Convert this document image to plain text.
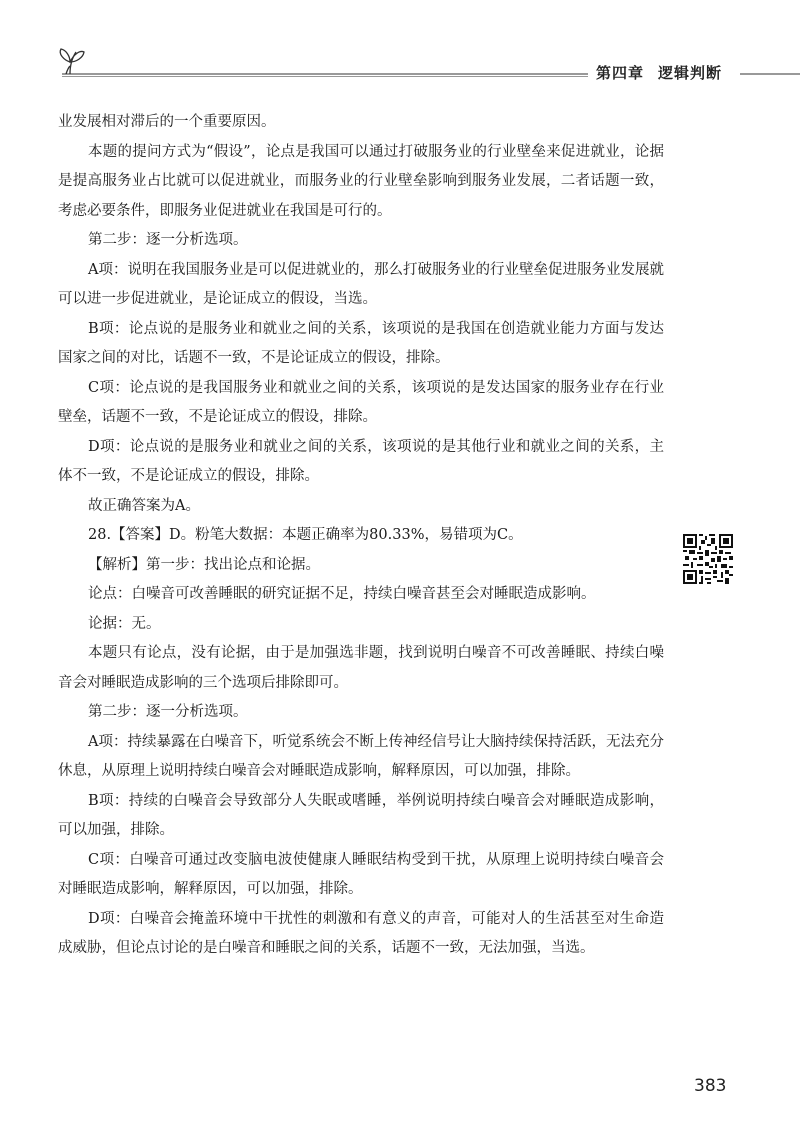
第四章 逻辑判断

业发展相对滞后的一个重要原因。

本题的提问方式为“假设”，论点是我国可以通过打破服务业的行业壁垒来促进就业，论据是提高服务业占比就可以促进就业，而服务业的行业壁垒影响到服务业发展，二者话题一致，考虑必要条件，即服务业促进就业在我国是可行的。

第二步：逐一分析选项。

A项：说明在我国服务业是可以促进就业的，那么打破服务业的行业壁垒促进服务业发展就可以进一步促进就业，是论证成立的假设，当选。

B项：论点说的是服务业和就业之间的关系，该项说的是我国在创造就业能力方面与发达国家之间的对比，话题不一致，不是论证成立的假设，排除。

C项：论点说的是我国服务业和就业之间的关系，该项说的是发达国家的服务业存在行业壁垒，话题不一致，不是论证成立的假设，排除。

D项：论点说的是服务业和就业之间的关系，该项说的是其他行业和就业之间的关系，主体不一致，不是论证成立的假设，排除。

故正确答案为A。

28.【答案】D。粉笔大数据：本题正确率为80.33%，易错项为C。

【解析】第一步：找出论点和论据。

论点：白噪音可改善睡眠的研究证据不足，持续白噪音甚至会对睡眠造成影响。

论据：无。

本题只有论点，没有论据，由于是加强选非题，找到说明白噪音不可改善睡眠、持续白噪音会对睡眠造成影响的三个选项后排除即可。

第二步：逐一分析选项。

A项：持续暴露在白噪音下，听觉系统会不断上传神经信号让大脑持续保持活跃，无法充分休息，从原理上说明持续白噪音会对睡眠造成影响，解释原因，可以加强，排除。

B项：持续的白噪音会导致部分人失眠或嗜睡，举例说明持续白噪音会对睡眠造成影响，可以加强，排除。

C项：白噪音可通过改变脑电波使健康人睡眠结构受到干扰，从原理上说明持续白噪音会对睡眠造成影响，解释原因，可以加强，排除。

D项：白噪音会掩盖环境中干扰性的刺激和有意义的声音，可能对人的生活甚至对生命造成威胁，但论点讨论的是白噪音和睡眠之间的关系，话题不一致，无法加强，当选。

383
